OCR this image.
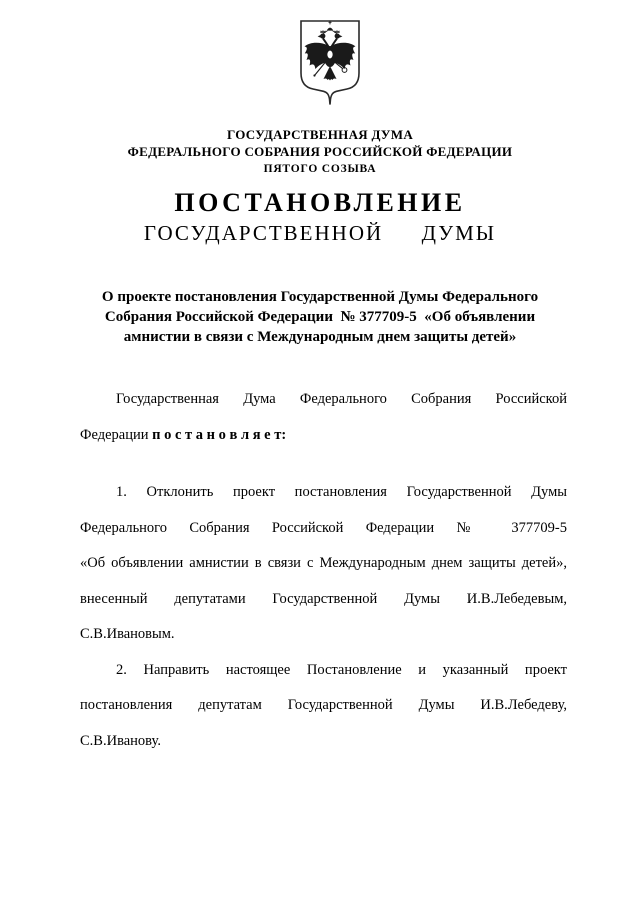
ГОСУДАРСТВЕННАЯ ДУМА
ФЕДЕРАЛЬНОГО СОБРАНИЯ РОССИЙСКОЙ ФЕДЕРАЦИИ
ПЯТОГО СОЗЫВА
ПОСТАНОВЛЕНИЕ
ГОСУДАРСТВЕННОЙ  ДУМЫ
О проекте постановления Государственной Думы Федерального
Собрания Российской Федерации  № 377709-5  «Об объявлении
амнистии в связи с Международным днем защиты детей»
Государственная Дума Федерального Собрания Российской
Федерации п о с т а н о в л я е т:
1. Отклонить проект постановления Государственной Думы
Федерального Собрания Российской Федерации № 377709-5
«Об объявлении амнистии в связи с Международным днем защиты детей»,
внесенный депутатами Государственной Думы И.В.Лебедевым,
С.В.Ивановым.
2. Направить настоящее Постановление и указанный проект
постановления депутатам Государственной Думы И.В.Лебедеву,
С.В.Иванову.
